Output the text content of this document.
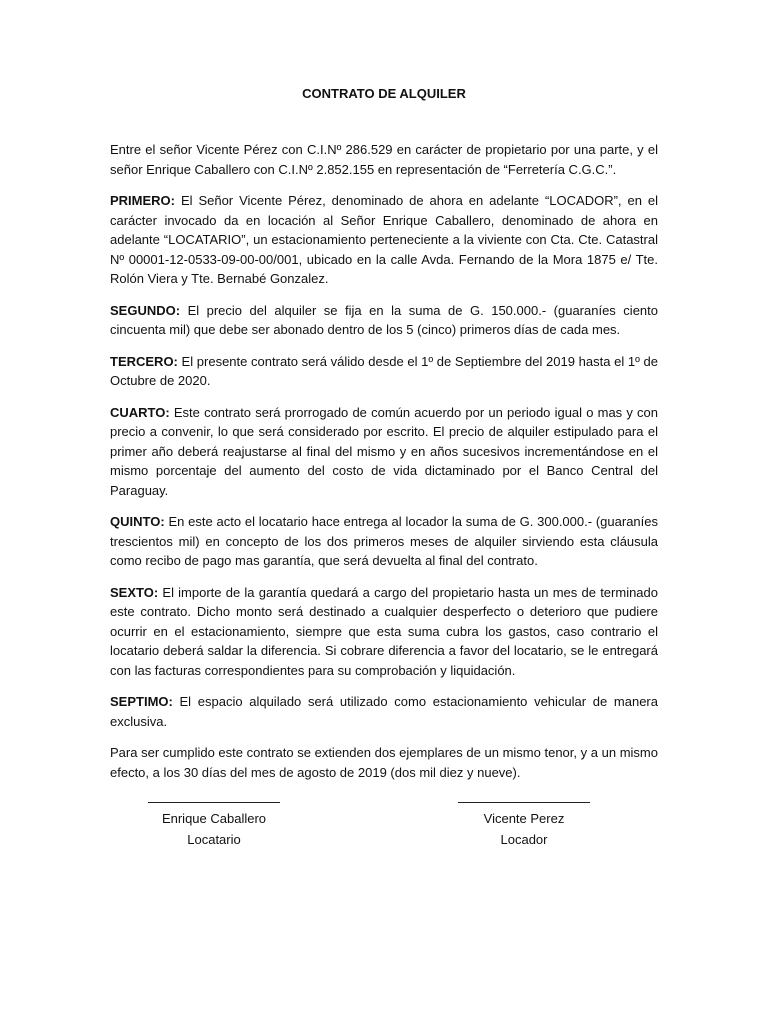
CONTRATO DE ALQUILER

Entre el señor Vicente Pérez con C.I.Nº 286.529 en carácter de propietario por una parte, y el señor Enrique Caballero con C.I.Nº 2.852.155 en representación de “Ferretería C.G.C.”.

PRIMERO: El Señor Vicente Pérez, denominado de ahora en adelante “LOCADOR”, en el carácter invocado da en locación al Señor Enrique Caballero, denominado de ahora en adelante “LOCATARIO”, un estacionamiento perteneciente a la viviente con Cta. Cte. Catastral Nº 00001-12-0533-09-00-00/001, ubicado en la calle Avda. Fernando de la Mora 1875 e/ Tte. Rolón Viera y Tte. Bernabé Gonzalez.

SEGUNDO: El precio del alquiler se fija en la suma de G. 150.000.- (guaraníes ciento cincuenta mil) que debe ser abonado dentro de los 5 (cinco) primeros días de cada mes.

TERCERO: El presente contrato será válido desde el 1º de Septiembre del 2019 hasta el 1º de Octubre de 2020.

CUARTO: Este contrato será prorrogado de común acuerdo por un periodo igual o mas y con precio a convenir, lo que será considerado por escrito. El precio de alquiler estipulado para el primer año deberá reajustarse al final del mismo y en años sucesivos incrementándose en el mismo porcentaje del aumento del costo de vida dictaminado por el Banco Central del Paraguay.

QUINTO: En este acto el locatario hace entrega al locador la suma de G. 300.000.- (guaraníes trescientos mil) en concepto de los dos primeros meses de alquiler sirviendo esta cláusula como recibo de pago mas garantía, que será devuelta al final del contrato.

SEXTO: El importe de la garantía quedará a cargo del propietario hasta un mes de terminado este contrato. Dicho monto será destinado a cualquier desperfecto o deterioro que pudiere ocurrir en el estacionamiento, siempre que esta suma cubra los gastos, caso contrario el locatario deberá saldar la diferencia. Si cobrare diferencia a favor del locatario, se le entregará con las facturas correspondientes para su comprobación y liquidación.

SEPTIMO: El espacio alquilado será utilizado como estacionamiento vehicular de manera exclusiva.

Para ser cumplido este contrato se extienden dos ejemplares de un mismo tenor, y a un mismo efecto, a los 30 días del mes de agosto de 2019 (dos mil diez y nueve).

Enrique Caballero
Locatario
Vicente Perez
Locador
